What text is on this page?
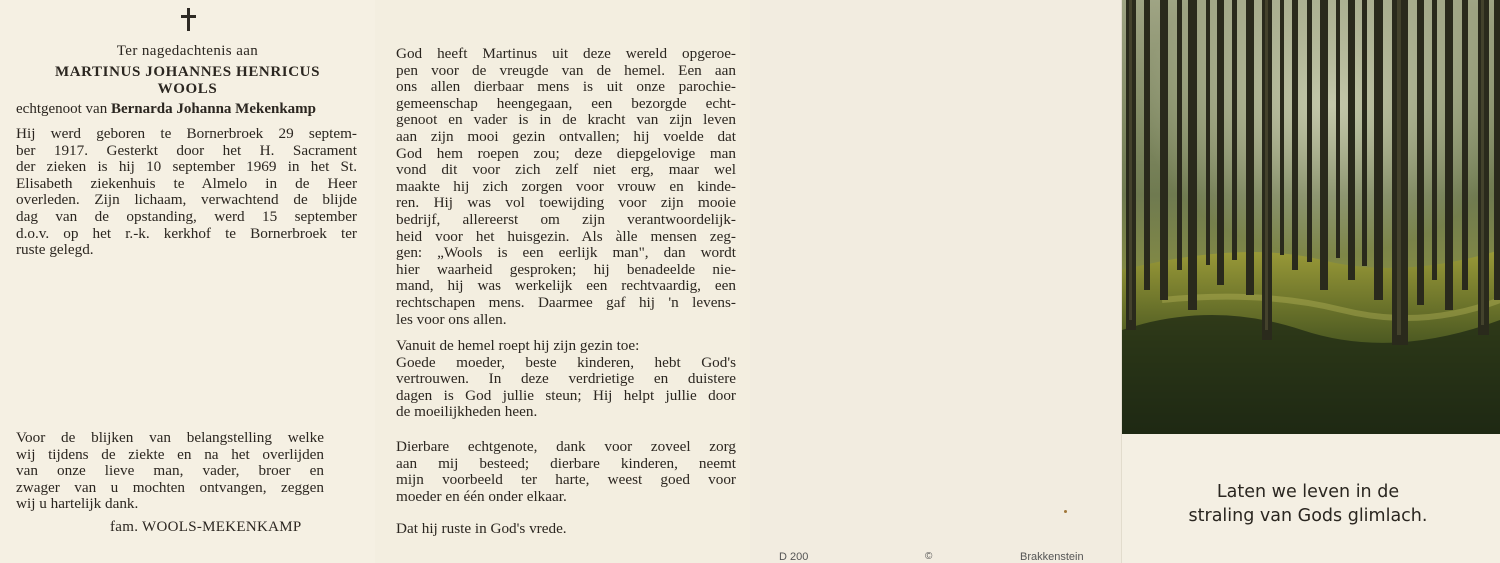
Ter nagedachtenis aan
MARTINUS JOHANNES HENRICUS
WOOLS
echtgenoot van Bernarda Johanna Mekenkamp
Hij werd geboren te Bornerbroek 29 septem-
ber 1917. Gesterkt door het H. Sacrament
der zieken is hij 10 september 1969 in het St.
Elisabeth ziekenhuis te Almelo in de Heer
overleden. Zijn lichaam, verwachtend de blijde
dag van de opstanding, werd 15 september
d.o.v. op het r.-k. kerkhof te Bornerbroek ter
ruste gelegd.
Voor de blijken van belangstelling welke
wij tijdens de ziekte en na het overlijden
van onze lieve man, vader, broer en
zwager van u mochten ontvangen, zeggen
wij u hartelijk dank.
fam. WOOLS-MEKENKAMP
God heeft Martinus uit deze wereld opgeroe-
pen voor de vreugde van de hemel. Een aan
ons allen dierbaar mens is uit onze parochie-
gemeenschap heengegaan, een bezorgde echt-
genoot en vader is in de kracht van zijn leven
aan zijn mooi gezin ontvallen; hij voelde dat
God hem roepen zou; deze diepgelovige man
vond dit voor zich zelf niet erg, maar wel
maakte hij zich zorgen voor vrouw en kinde-
ren. Hij was vol toewijding voor zijn mooie
bedrijf, allereerst om zijn verantwoordelijk-
heid voor het huisgezin. Als àlle mensen zeg-
gen: „Wools is een eerlijk man", dan wordt
hier waarheid gesproken; hij benadeelde nie-
mand, hij was werkelijk een rechtvaardig, een
rechtschapen mens. Daarmee gaf hij 'n levens-
les voor ons allen.
Vanuit de hemel roept hij zijn gezin toe:
Goede moeder, beste kinderen, hebt God's
vertrouwen. In deze verdrietige en duistere
dagen is God jullie steun; Hij helpt jullie door
de moeilijkheden heen.
Dierbare echtgenote, dank voor zoveel zorg
aan mij besteed; dierbare kinderen, neemt
mijn voorbeeld ter harte, weest goed voor
moeder en één onder elkaar.
Dat hij ruste in God's vrede.
D 200	©	Brakkenstein
Laten we leven in de
straling van Gods glimlach.
